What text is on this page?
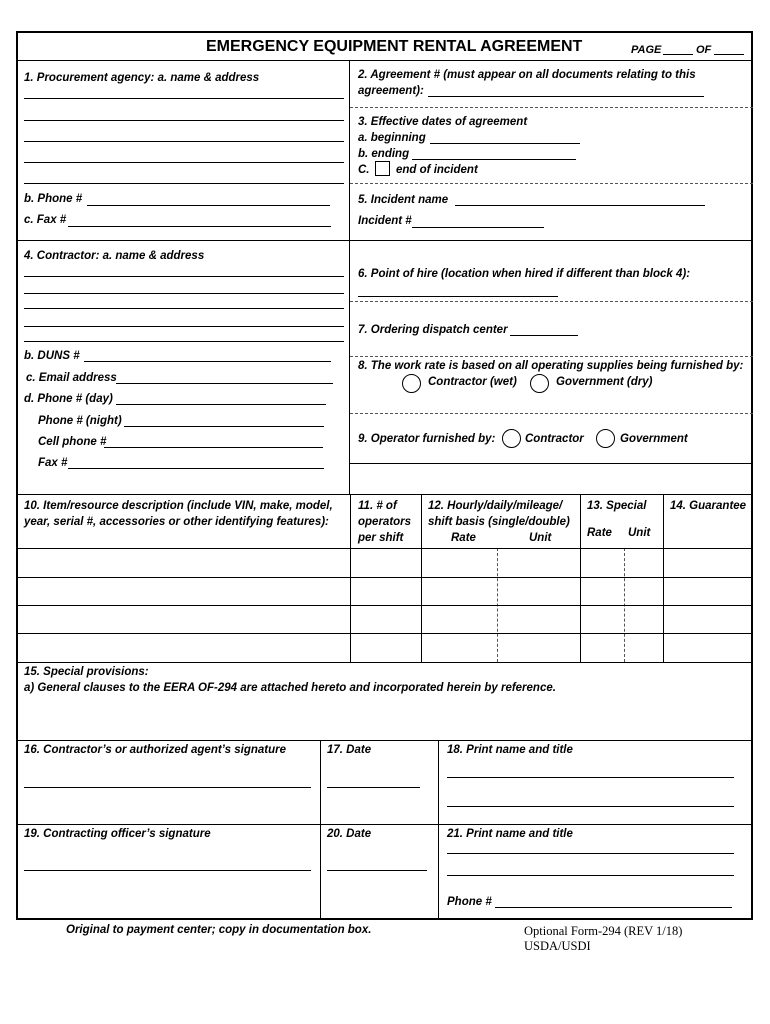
EMERGENCY EQUIPMENT RENTAL AGREEMENT	PAGE	OF
1. Procurement agency: a. name & address
b. Phone #
c. Fax #
2. Agreement # (must appear on all documents relating to this
agreement):
3. Effective dates of agreement
a. beginning
b. ending
C. end of incident
5. Incident name
Incident #
4. Contractor: a. name & address
b. DUNS #
c. Email address
d. Phone # (day)
Phone # (night)
Cell phone #
Fax #
6. Point of hire (location when hired if different than block 4):
7. Ordering dispatch center
8. The work rate is based on all operating supplies being furnished by:
Contractor (wet)	Government (dry)
9. Operator furnished by:	Contractor	Government
10. Item/resource description (include VIN, make, model,
year, serial #, accessories or other identifying features):
11. # of
operators
per shift
12. Hourly/daily/mileage/
shift basis (single/double)
Rate	Unit
13. Special
Rate Unit
14. Guarantee
15. Special provisions:
a) General clauses to the EERA OF-294 are attached hereto and incorporated herein by reference.
16. Contractor’s or authorized agent’s signature	17. Date	18. Print name and title
19. Contracting officer’s signature	20. Date	21. Print name and title
Phone #
Original to payment center; copy in documentation box.	Optional Form-294 (REV 1/18)
USDA/USDI
